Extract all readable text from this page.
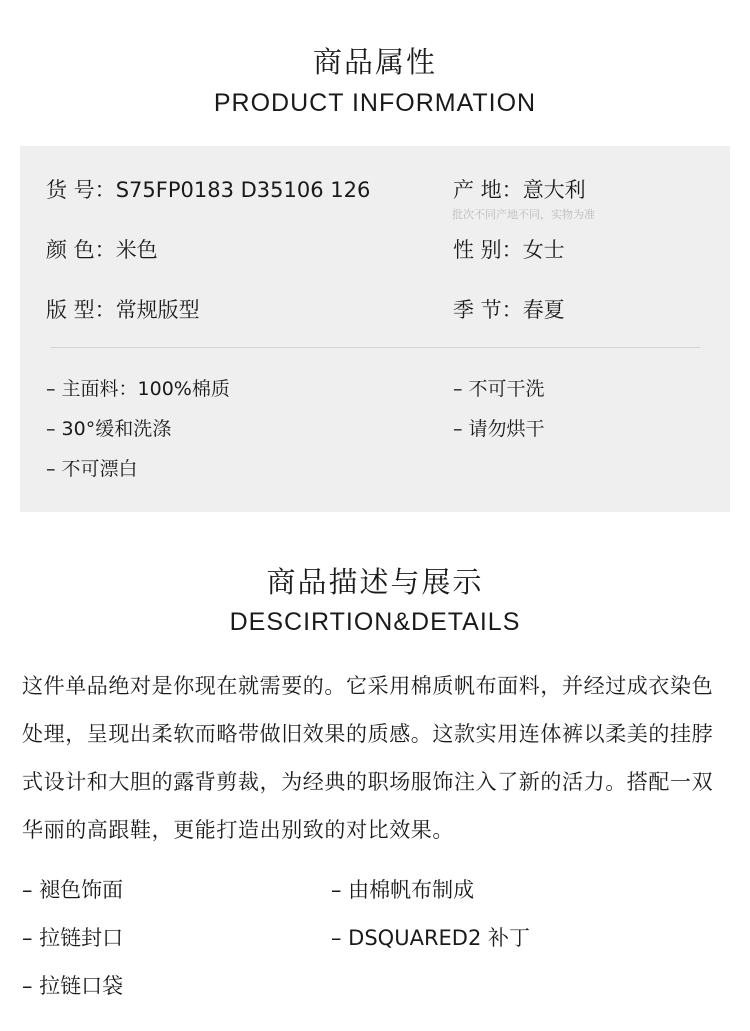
商品属性
PRODUCT INFORMATION
货 号：S75FP0183 D35106 126	产 地：意大利
批次不同产地不同，实物为准
颜 色：米色	性 别：女士
版 型：常规版型	季 节：春夏
– 主面料：100%棉质
– 30°缓和洗涤
– 不可漂白
– 不可干洗
– 请勿烘干
商品描述与展示
DESCIRTION&DETAILS
这件单品绝对是你现在就需要的。它采用棉质帆布面料，并经过成衣染色处理，呈现出柔软而略带做旧效果的质感。这款实用连体裤以柔美的挂脖式设计和大胆的露背剪裁，为经典的职场服饰注入了新的活力。搭配一双华丽的高跟鞋，更能打造出别致的对比效果。
– 褪色饰面
– 拉链封口
– 拉链口袋
– 由棉帆布制成
– DSQUARED2 补丁
